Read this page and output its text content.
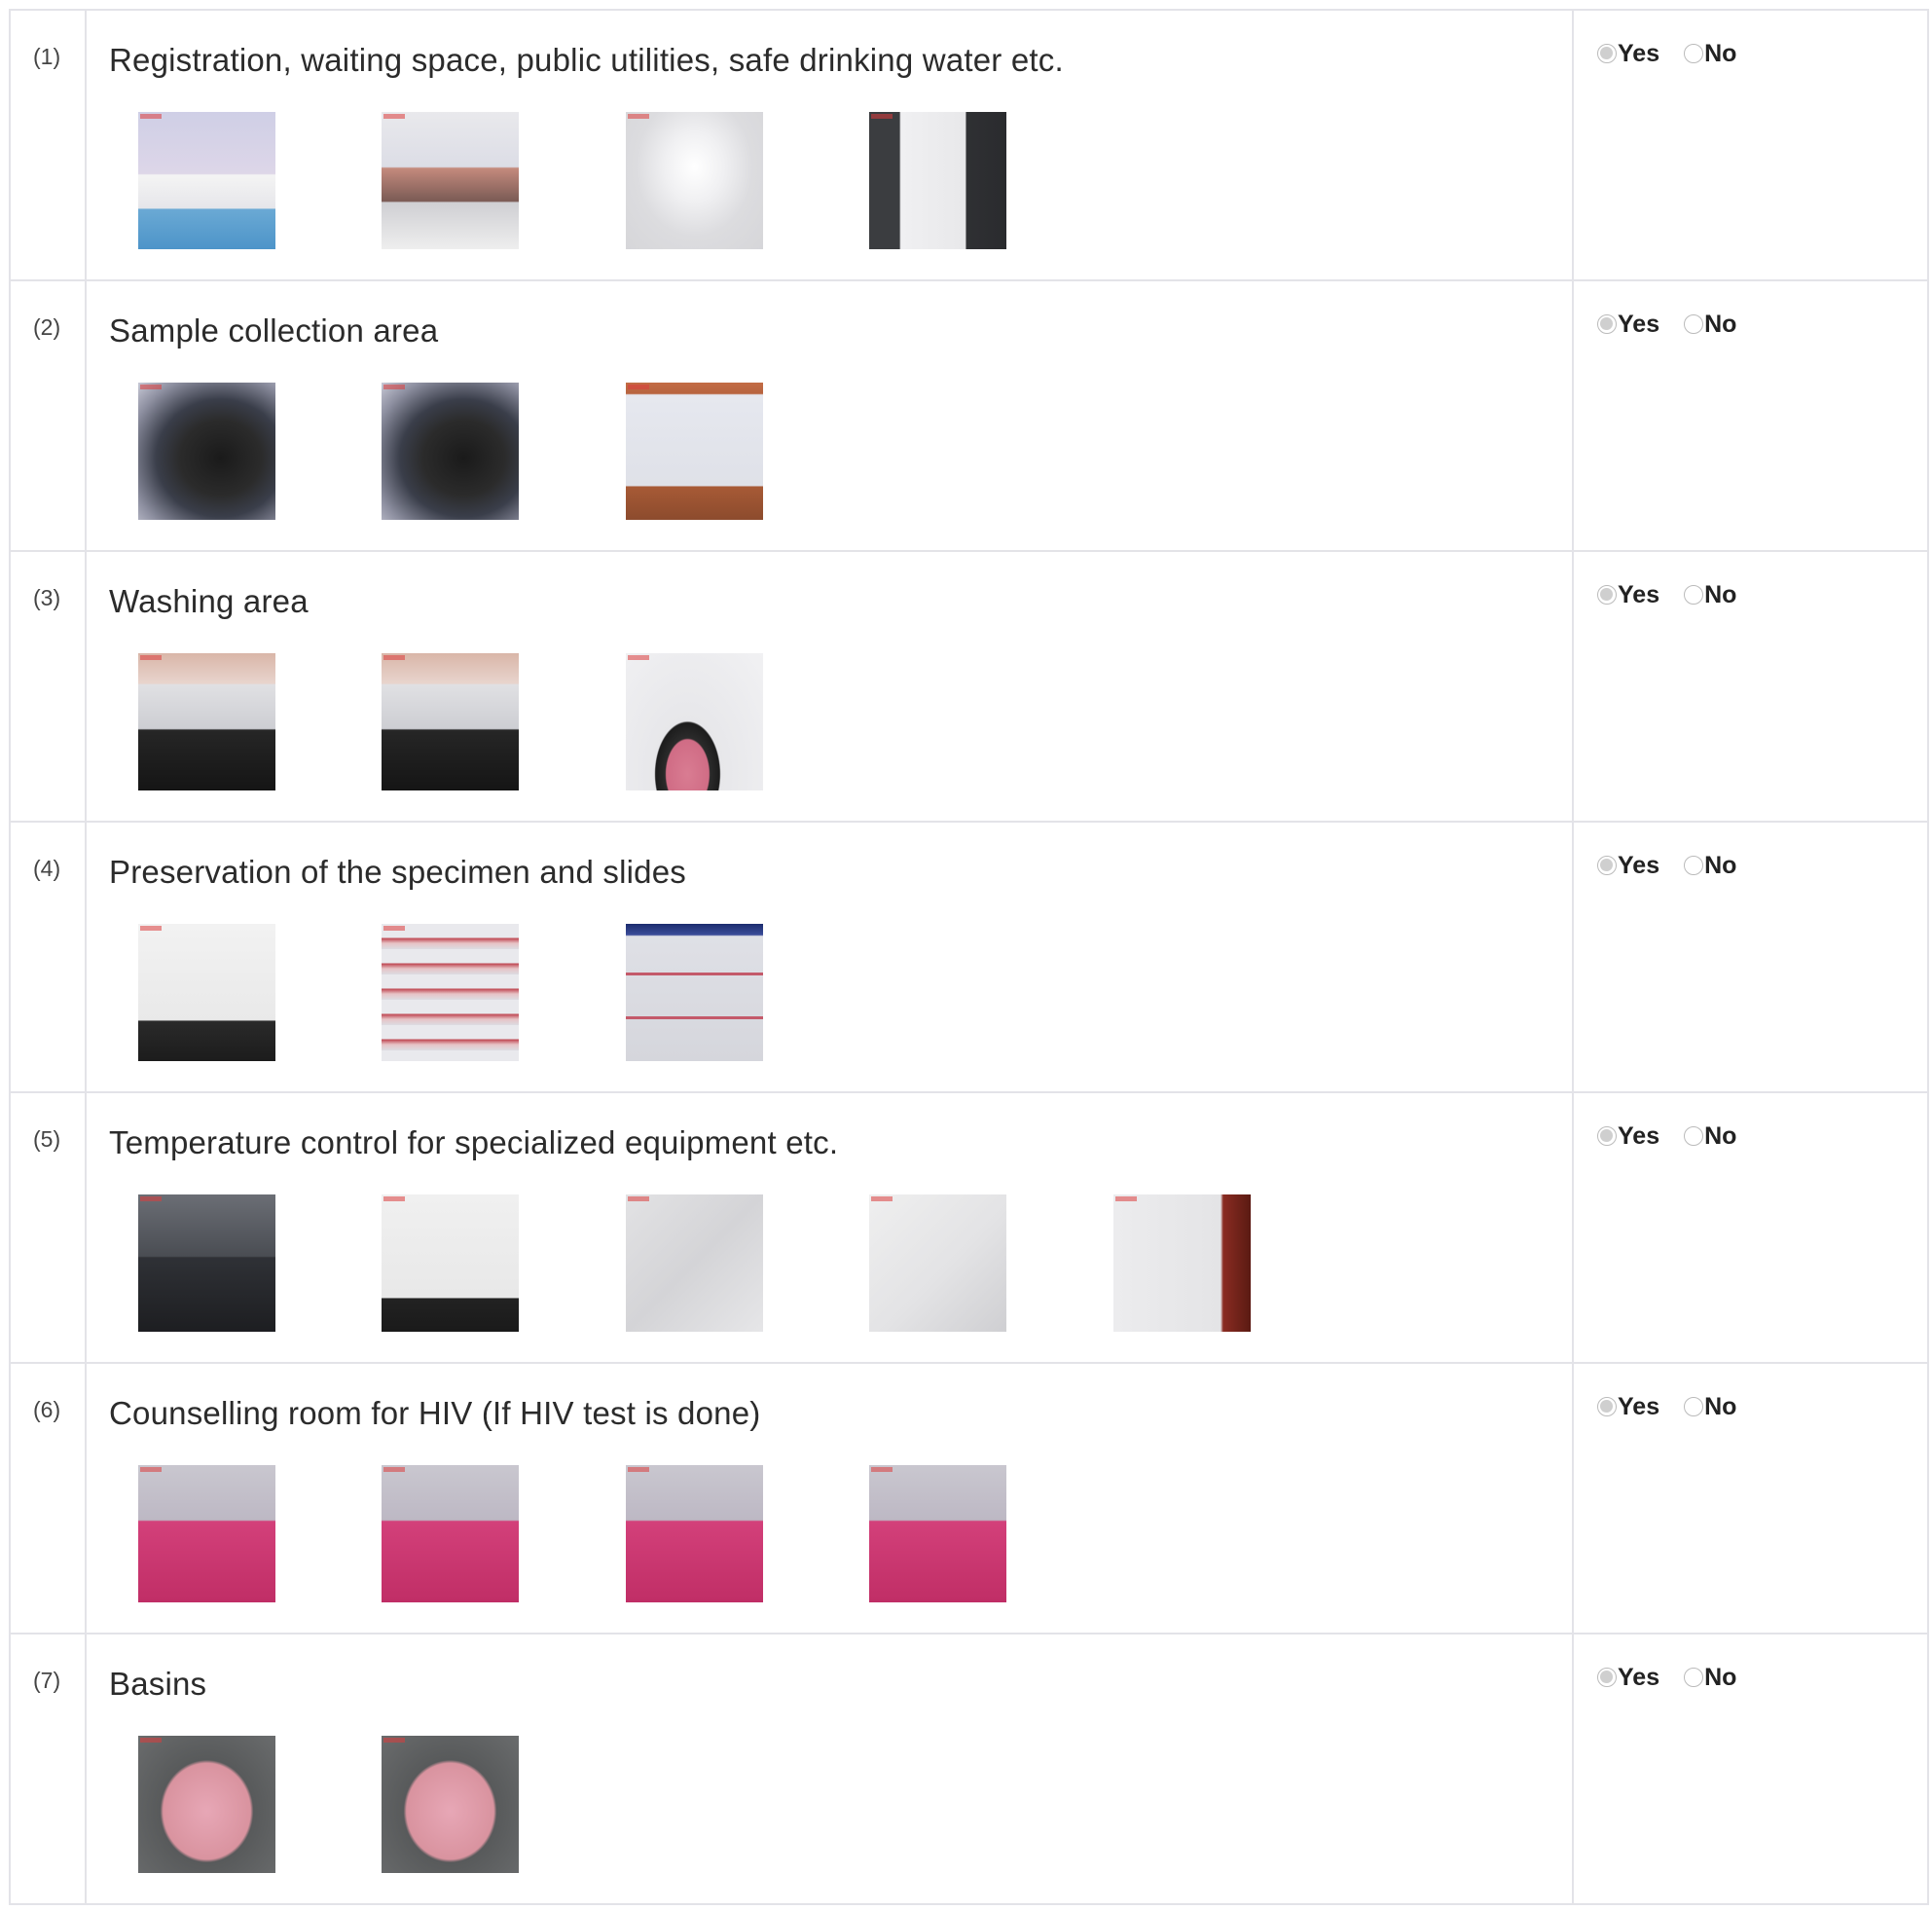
(1)	Registration, waiting space, public utilities, safe drinking water etc.	Yes No

(2)	Sample collection area	Yes No

(3)	Washing area	Yes No

(4)	Preservation of the specimen and slides	Yes No

(5)	Temperature control for specialized equipment etc.	Yes No

(6)	Counselling room for HIV (If HIV test is done)	Yes No

(7)	Basins	Yes No
